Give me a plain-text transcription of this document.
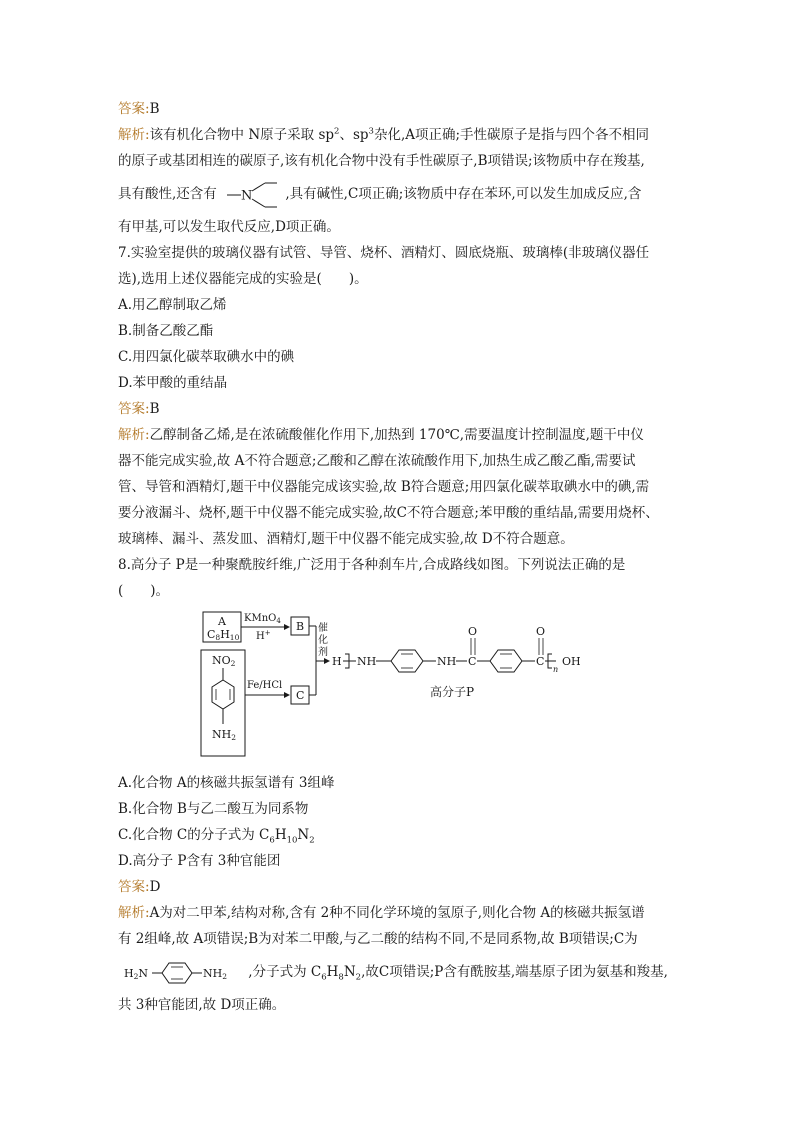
答案:B
解析:该有机化合物中 N原子采取 $sp^2$、$sp^3$杂化,A项正确;手性碳原子是指与四个各不相同
的原子或基团相连的碳原子,该有机化合物中没有手性碳原子,B项错误;该物质中存在羧基,
具有酸性,还含有 N ,具有碱性,C项正确;该物质中存在苯环,可以发生加成反应,含
有甲基,可以发生取代反应,D项正确。
7.实验室提供的玻璃仪器有试管、导管、烧杯、酒精灯、圆底烧瓶、玻璃棒(非玻璃仪器任
选),选用上述仪器能完成的实验是(　　)。
A.用乙醇制取乙烯
B.制备乙酸乙酯
C.用四氯化碳萃取碘水中的碘
D.苯甲酸的重结晶
答案:B
解析:乙醇制备乙烯,是在浓硫酸催化作用下,加热到 170℃,需要温度计控制温度,题干中仪
器不能完成实验,故 A不符合题意;乙酸和乙醇在浓硫酸作用下,加热生成乙酸乙酯,需要试
管、导管和酒精灯,题干中仪器能完成该实验,故 B符合题意;用四氯化碳萃取碘水中的碘,需
要分液漏斗、烧杯,题干中仪器不能完成实验,故C不符合题意;苯甲酸的重结晶,需要用烧杯、
玻璃棒、漏斗、蒸发皿、酒精灯,题干中仪器不能完成实验,故 D不符合题意。
8.高分子 P是一种聚酰胺纤维,广泛用于各种刹车片,合成路线如图。下列说法正确的是
(　　)。
A
C8H10
KMnO$_4$
H+ B
NO2
NH2
Fe/HCl
C
催
化
剂
H NH	NH C
O
C
O
n
OH
高分子P
A.化合物 A的核磁共振氢谱有 3组峰
B.化合物 B与乙二酸互为同系物
C.化合物 C的分子式为 $C_6H_{10}N_2$
D.高分子 P含有 3种官能团
答案:D
解析:A为对二甲苯,结构对称,含有 2种不同化学环境的氢原子,则化合物 A的核磁共振氢谱
有 2组峰,故 A项错误;B为对苯二甲酸,与乙二酸的结构不同,不是同系物,故 B项错误;C为
H2N	NH2 ,分子式为 $C_6H_8N_2$,故C项错误;P含有酰胺基,端基原子团为氨基和羧基,
共 3种官能团,故 D项正确。
